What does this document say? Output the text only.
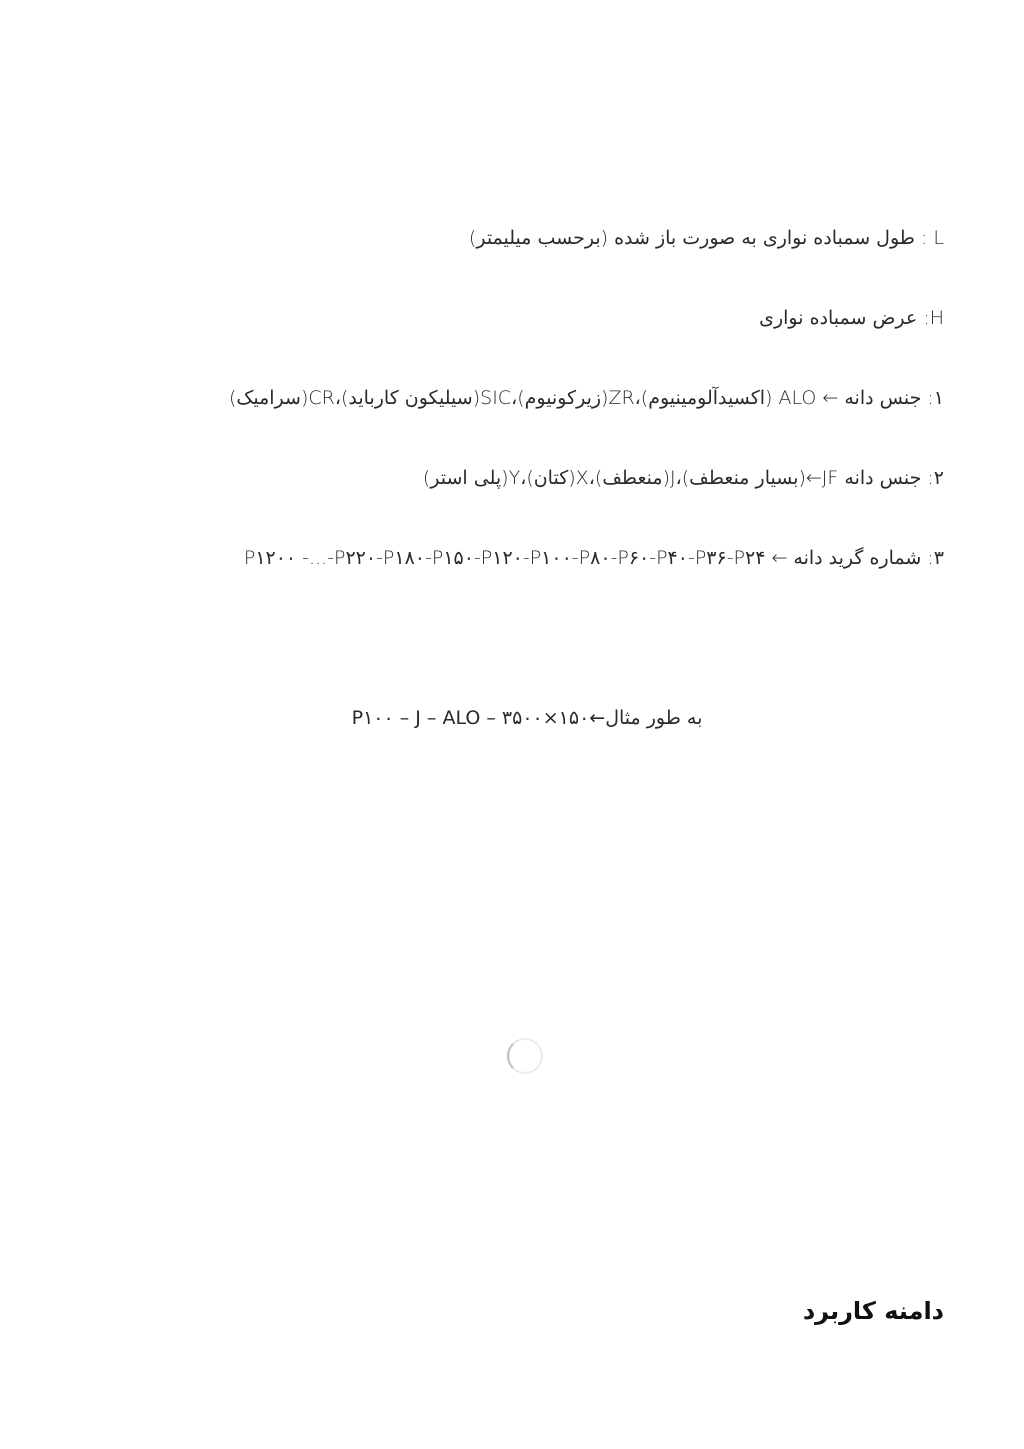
L : طول سمباده نواری به صورت باز شده (برحسب میلیمتر)
H: عرض سمباده نواری
۱: جنس دانه ← ALO (اکسیدآلومینیوم)،ZR(زیرکونیوم)،SIC(سیلیکون کارباید)،CR(سرامیک)
۲: جنس دانه JF←(بسیار منعطف)،J(منعطف)،X(کتان)،Y(پلی استر)
۳: شماره گرید دانه ← P۱۲۰۰ -...-P۲۲۰-P۱۸۰-P۱۵۰-P۱۲۰-P۱۰۰-P۸۰-P۶۰-P۴۰-P۳۶-P۲۴
به طور مثال←۱۵۰×۳۵۰۰ – P۱۰۰ – J – ALO
دامنه کاربرد
